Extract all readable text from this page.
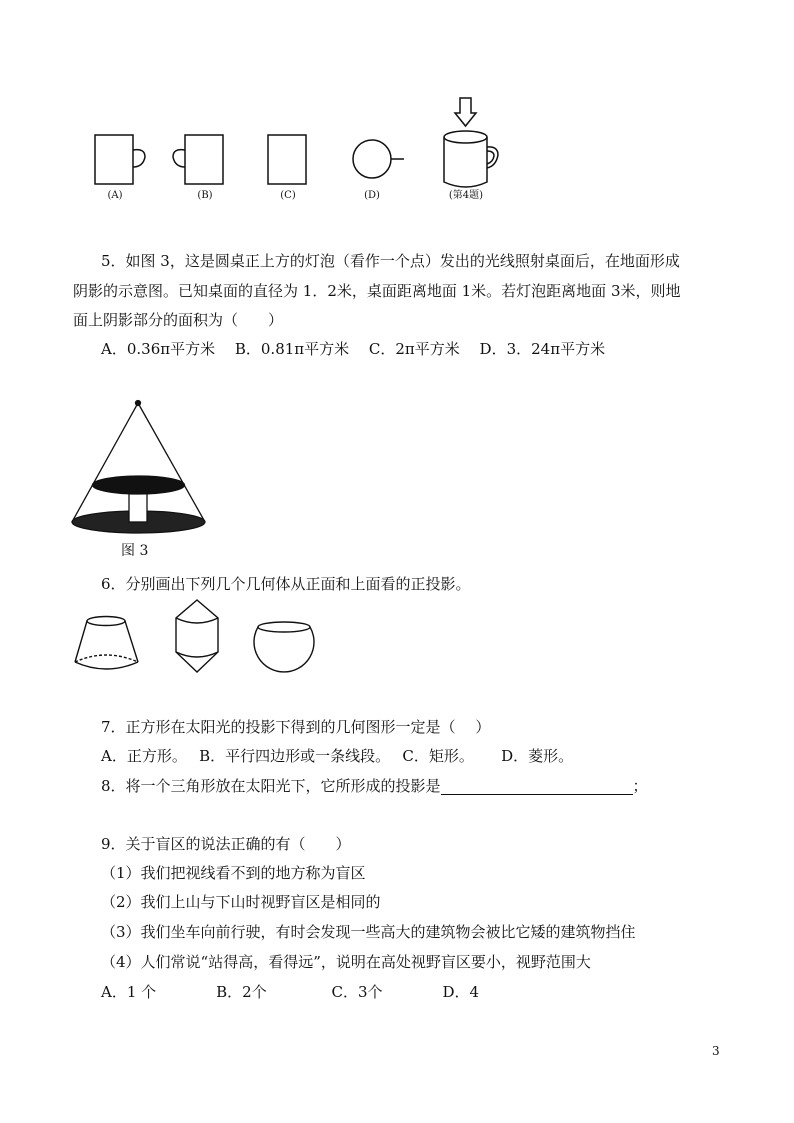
(A)	(B)	(C)	(D)	(第4题)
5．如图 3，这是圆桌正上方的灯泡（看作一个点）发出的光线照射桌面后，在地面形成
阴影的示意图。已知桌面的直径为 1．2米，桌面距离地面 1米。若灯泡距离地面 3米，则地
面上阴影部分的面积为（　　）
A．0.36π平方米　 B．0.81π平方米　 C．2π平方米　 D．3．24π平方米
图 3
6．分别画出下列几个几何体从正面和上面看的正投影。
7．正方形在太阳光的投影下得到的几何图形一定是（　 ）
A．正方形。　 B．平行四边形或一条线段。　 C．矩形。　　 D．菱形。
8．将一个三角形放在太阳光下，它所形成的投影是	；
9．关于盲区的说法正确的有（　　）
（1）我们把视线看不到的地方称为盲区
（2）我们上山与下山时视野盲区是相同的
（3）我们坐车向前行驶，有时会发现一些高大的建筑物会被比它矮的建筑物挡住
（4）人们常说“站得高，看得远”，说明在高处视野盲区要小，视野范围大
A．1 个　　　　B．2个　　　　 C．3个　　　　D．4
3
